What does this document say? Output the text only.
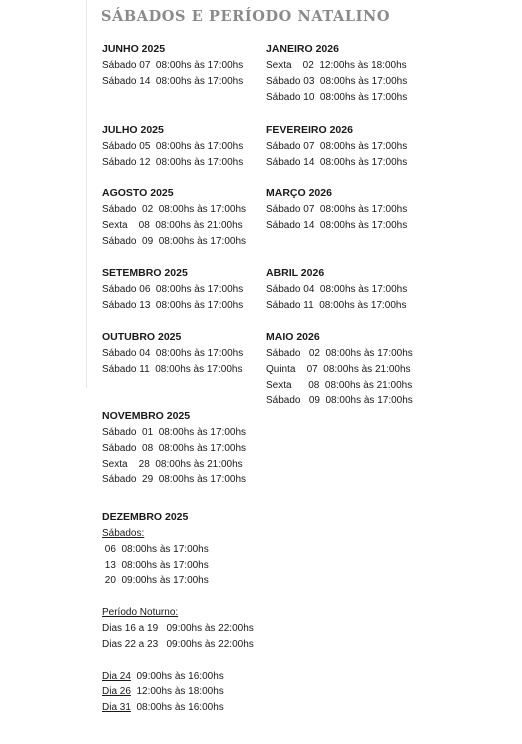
SÁBADOS E PERÍODO NATALINO
JUNHO 2025
Sábado 07  08:00hs às 17:00hs
Sábado 14  08:00hs às 17:00hs
JULHO 2025
Sábado 05  08:00hs às 17:00hs
Sábado 12  08:00hs às 17:00hs
AGOSTO 2025
Sábado  02  08:00hs às 17:00hs
Sexta    08  08:00hs às 21:00hs
Sábado  09  08:00hs às 17:00hs
SETEMBRO 2025
Sábado 06  08:00hs às 17:00hs
Sábado 13  08:00hs às 17:00hs
OUTUBRO 2025
Sábado 04  08:00hs às 17:00hs
Sábado 11  08:00hs às 17:00hs
NOVEMBRO 2025
Sábado  01  08:00hs às 17:00hs
Sábado  08  08:00hs às 17:00hs
Sexta    28  08:00hs às 21:00hs
Sábado  29  08:00hs às 17:00hs
DEZEMBRO 2025
Sábados:
06  08:00hs às 17:00hs
13  08:00hs às 17:00hs
20  09:00hs às 17:00hs
Período Noturno:
Dias 16 a 19   09:00hs às 22:00hs
Dias 22 a 23   09:00hs às 22:00hs
Dia 24  09:00hs às 16:00hs
Dia 26  12:00hs às 18:00hs
Dia 31  08:00hs às 16:00hs
JANEIRO 2026
Sexta    02  12:00hs às 18:00hs
Sábado 03  08:00hs às 17:00hs
Sábado 10  08:00hs às 17:00hs
FEVEREIRO 2026
Sábado 07  08:00hs às 17:00hs
Sábado 14  08:00hs às 17:00hs
MARÇO 2026
Sábado 07  08:00hs às 17:00hs
Sábado 14  08:00hs às 17:00hs
ABRIL 2026
Sábado 04  08:00hs às 17:00hs
Sábado 11  08:00hs às 17:00hs
MAIO 2026
Sábado   02  08:00hs às 17:00hs
Quinta    07  08:00hs às 21:00hs
Sexta      08  08:00hs às 21:00hs
Sábado   09  08:00hs às 17:00hs
